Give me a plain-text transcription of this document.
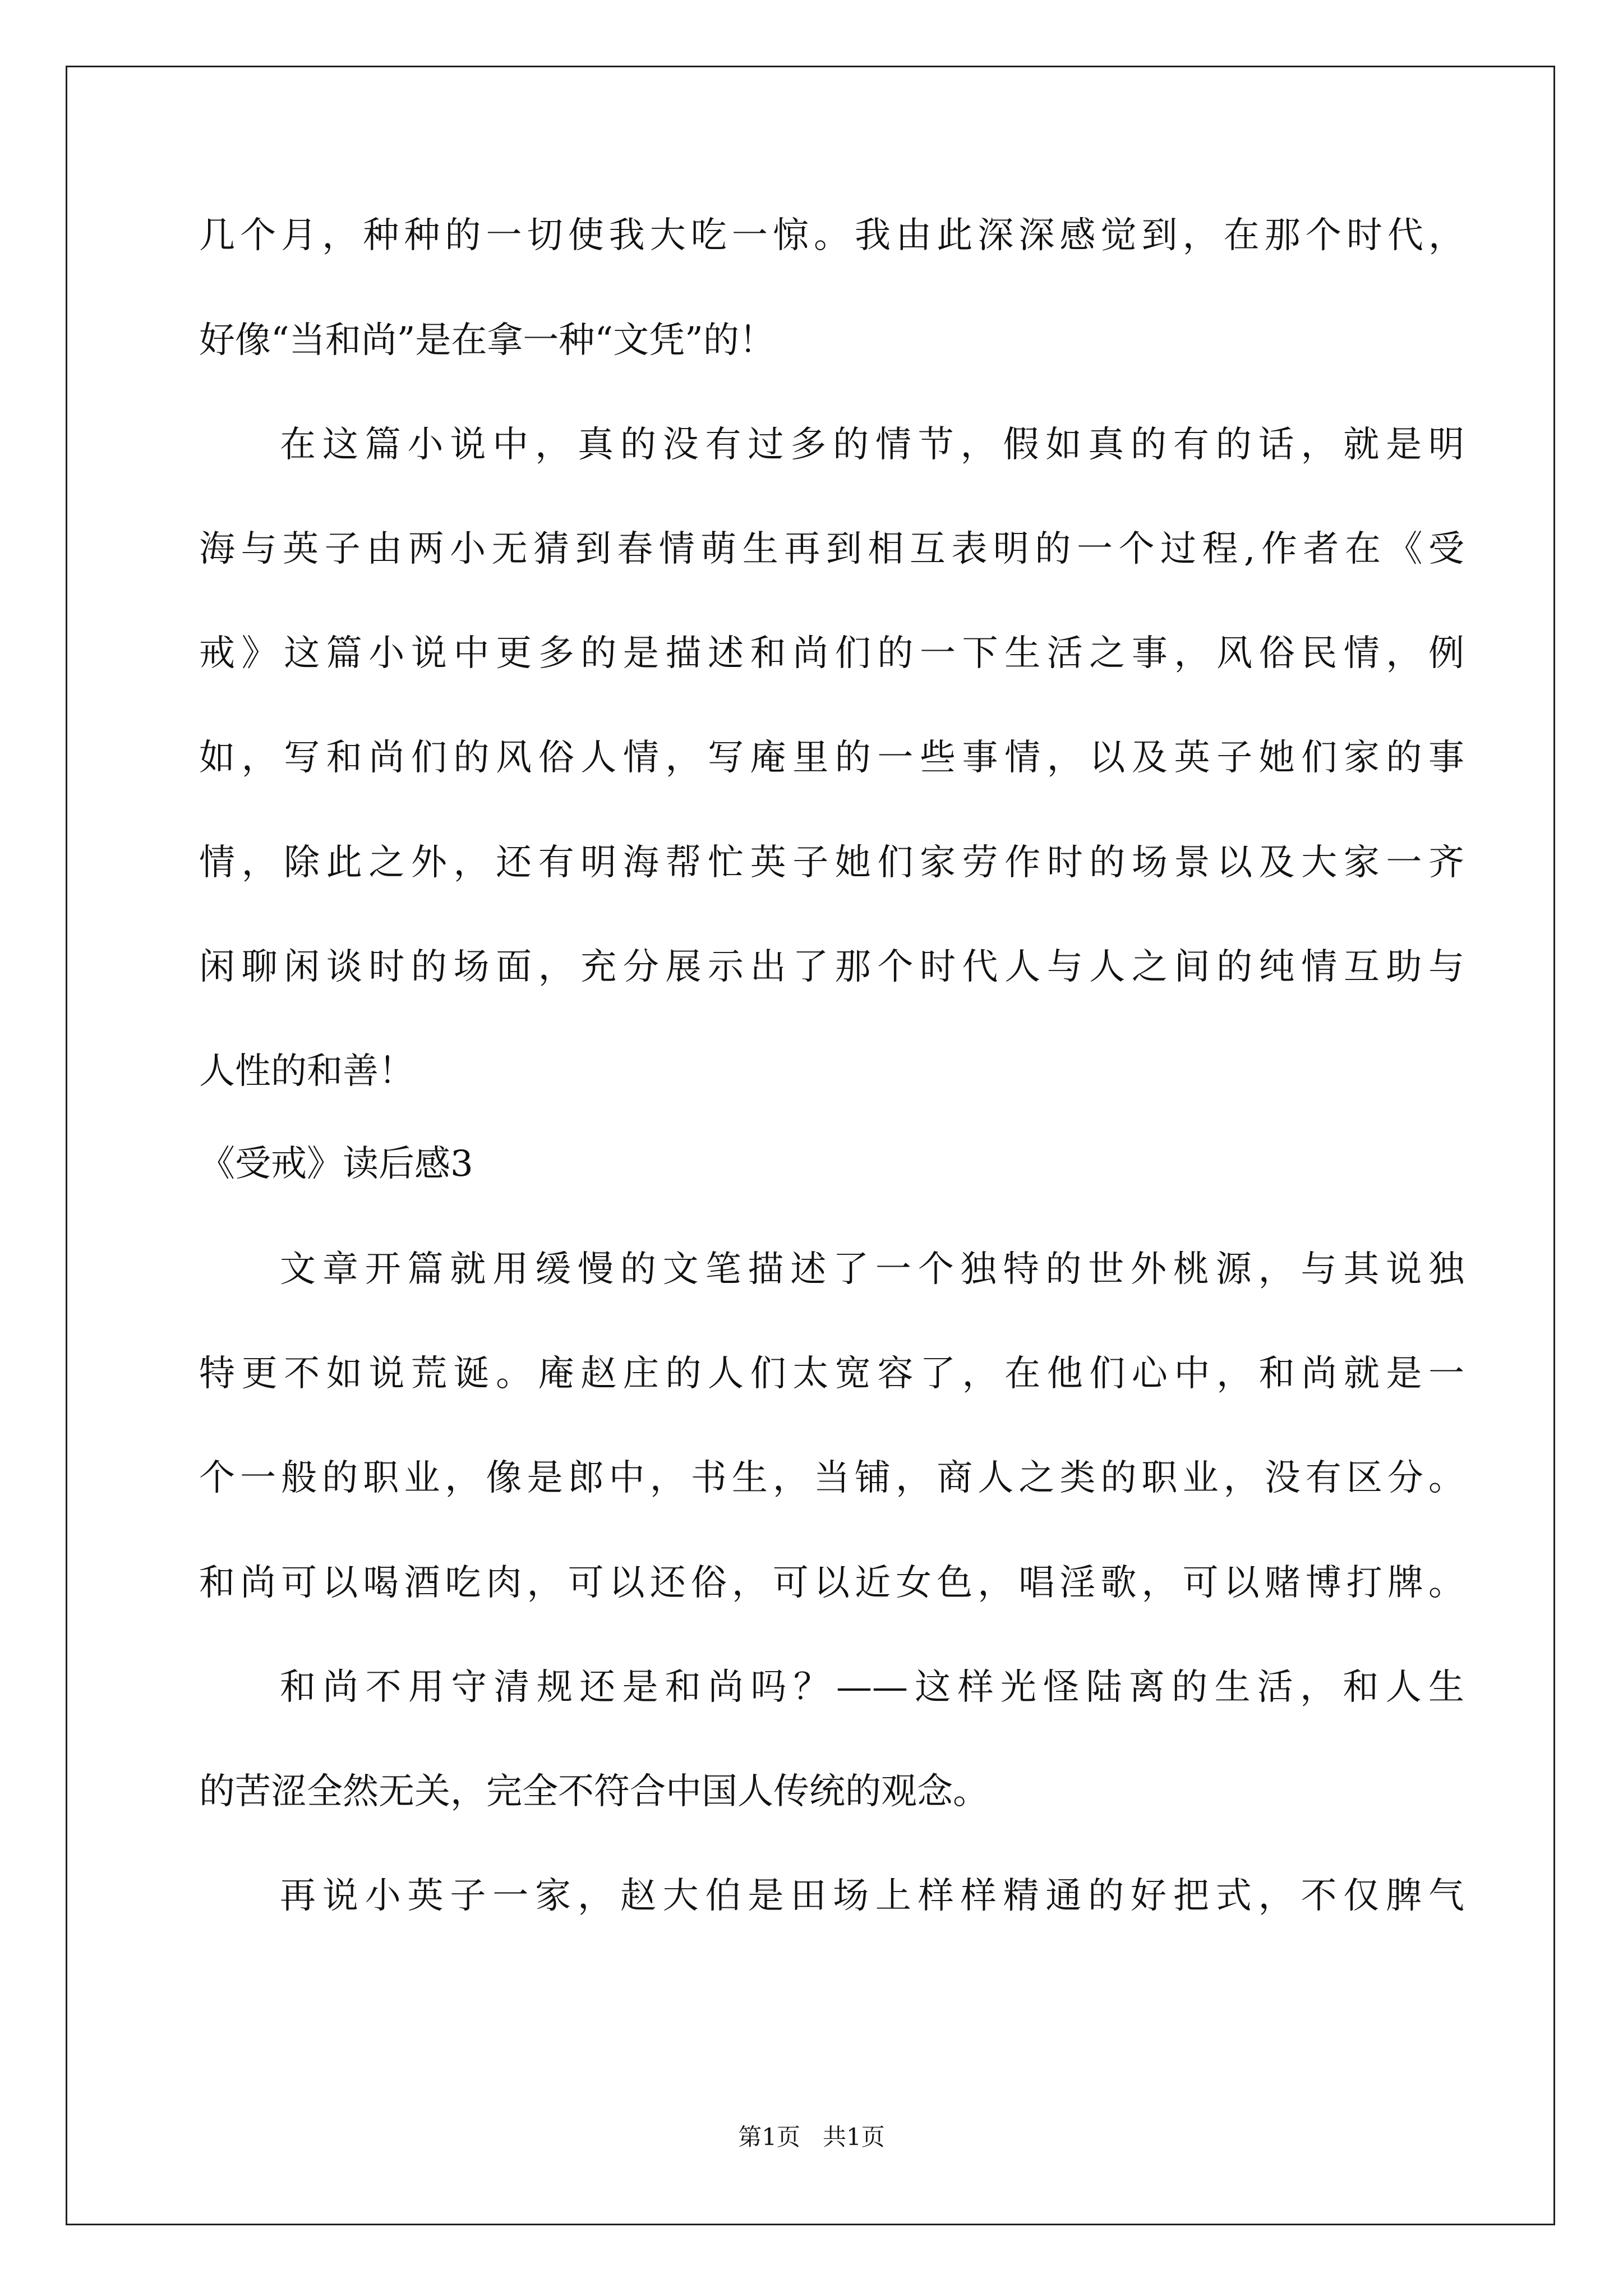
几个月，种种的一切使我大吃一惊。我由此深深感觉到，在那个时代，
好像“当和尚”是在拿一种“文凭”的！
在这篇小说中，真的没有过多的情节，假如真的有的话，就是明
海与英子由两小无猜到春情萌生再到相互表明的一个过程,作者在《受
戒》这篇小说中更多的是描述和尚们的一下生活之事，风俗民情，例
如，写和尚们的风俗人情，写庵里的一些事情，以及英子她们家的事
情，除此之外，还有明海帮忙英子她们家劳作时的场景以及大家一齐
闲聊闲谈时的场面，充分展示出了那个时代人与人之间的纯情互助与
人性的和善！
《受戒》读后感3
文章开篇就用缓慢的文笔描述了一个独特的世外桃源，与其说独
特更不如说荒诞。庵赵庄的人们太宽容了，在他们心中，和尚就是一
个一般的职业，像是郎中，书生，当铺，商人之类的职业，没有区分。
和尚可以喝酒吃肉，可以还俗，可以近女色，唱淫歌，可以赌博打牌。
和尚不用守清规还是和尚吗？——这样光怪陆离的生活，和人生
的苦涩全然无关，完全不符合中国人传统的观念。
再说小英子一家，赵大伯是田场上样样精通的好把式，不仅脾气
第1页   共1页
